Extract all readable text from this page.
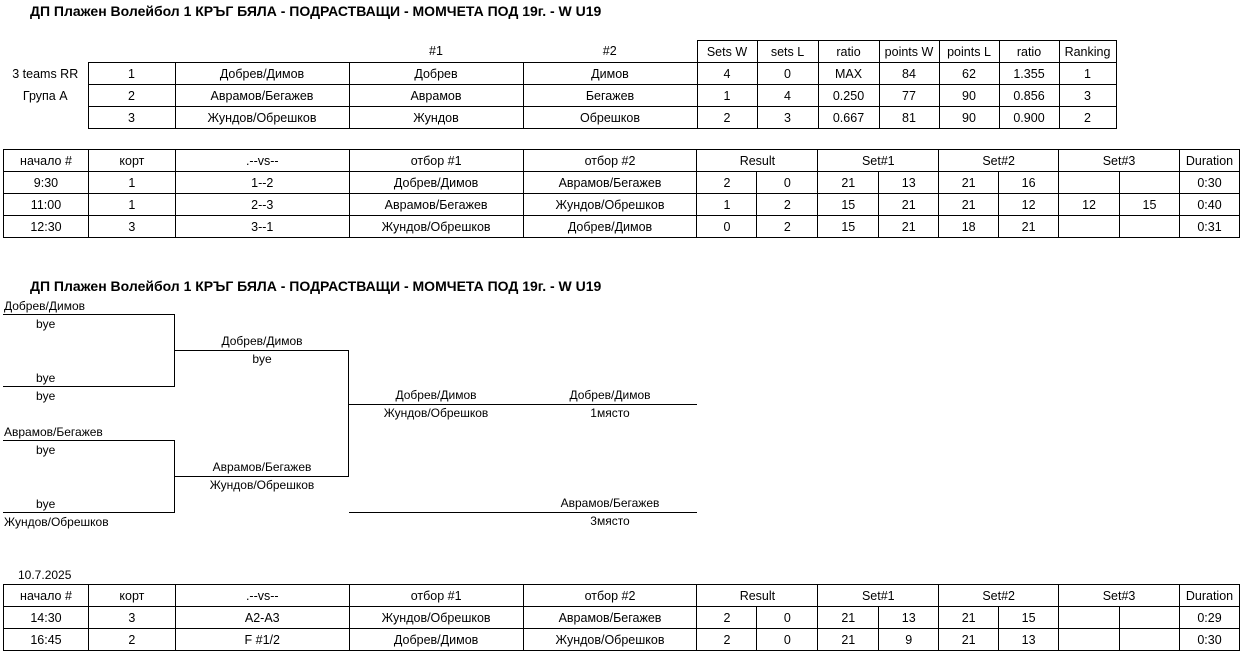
ДП Плажен Волейбол 1 КРЪГ БЯЛА - ПОДРАСТВАЩИ - МОМЧЕТА ПОД 19г. - W U19
			#1	#2	Sets W	sets L	ratio	points W	points L	ratio	Ranking
3 teams RR	1	Добрев/Димов	Добрев	Димов	4	0	MAX	84	62	1.355	1
Група А	2	Аврамов/Бегажев	Аврамов	Бегажев	1	4	0.250	77	90	0.856	3
	3	Жундов/Обрешков	Жундов	Обрешков	2	3	0.667	81	90	0.900	2
начало #	корт	.--vs--	отбор #1	отбор #2	Result		Set#1		Set#2		Set#3		Duration
9:30	1	1--2	Добрев/Димов	Аврамов/Бегажев	2	0	21	13	21	16			0:30
11:00	1	2--3	Аврамов/Бегажев	Жундов/Обрешков	1	2	15	21	21	12	12	15	0:40
12:30	3	3--1	Жундов/Обрешков	Добрев/Димов	0	2	15	21	18	21			0:31
ДП Плажен Волейбол 1 КРЪГ БЯЛА - ПОДРАСТВАЩИ - МОМЧЕТА ПОД 19г. - W U19
Добрев/Димов
bye
bye
bye
Добрев/Димов
bye
Аврамов/Бегажев
bye
bye
Жундов/Обрешков
Аврамов/Бегажев
Жундов/Обрешков
Добрев/Димов
Жундов/Обрешков
Добрев/Димов
1място
Аврамов/Бегажев
3място
10.7.2025
начало #	корт	.--vs--	отбор #1	отбор #2	Result		Set#1		Set#2		Set#3		Duration
14:30	3	A2-A3	Жундов/Обрешков	Аврамов/Бегажев	2	0	21	13	21	15			0:29
16:45	2	F #1/2	Добрев/Димов	Жундов/Обрешков	2	0	21	9	21	13			0:30
